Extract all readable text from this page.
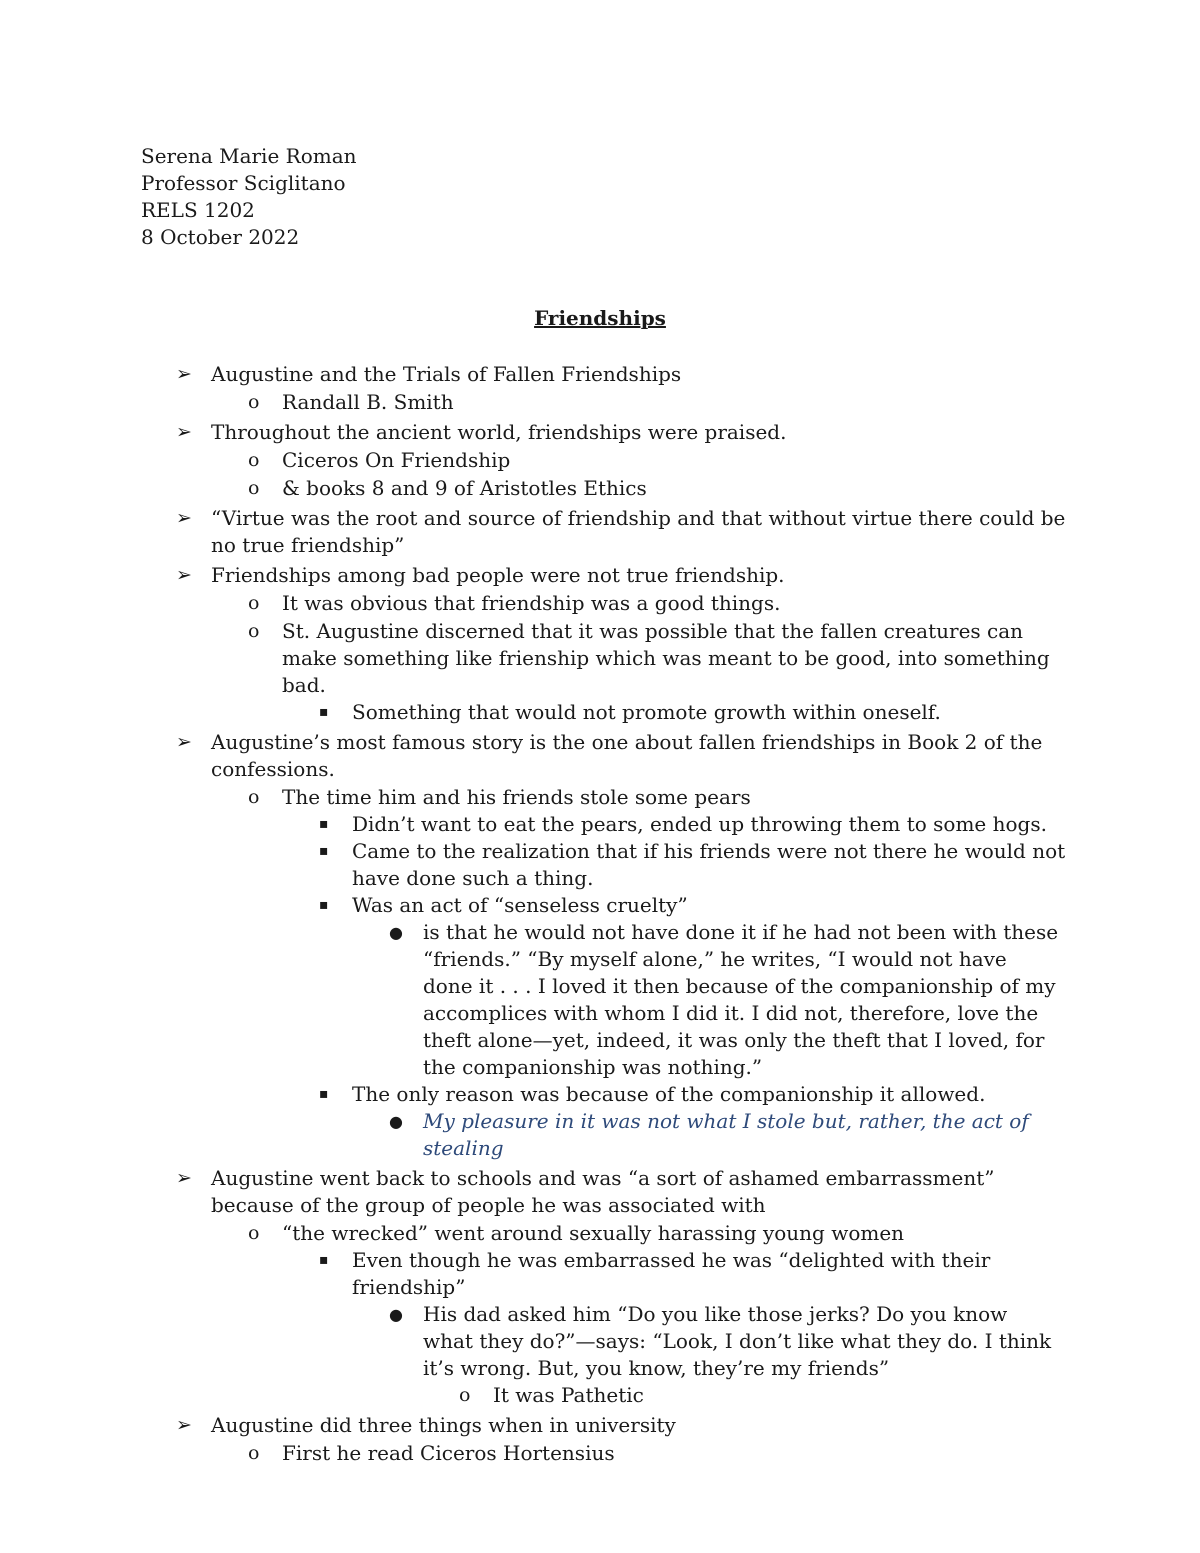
Serena Marie Roman
Professor Sciglitano
RELS 1202
8 October 2022
Friendships
➢ Augustine and the Trials of Fallen Friendships
o Randall B. Smith
➢ Throughout the ancient world, friendships were praised.
o Ciceros On Friendship
o & books 8 and 9 of Aristotles Ethics
➢ “Virtue was the root and source of friendship and that without virtue there could be no true friendship”
➢ Friendships among bad people were not true friendship.
o It was obvious that friendship was a good things.
o St. Augustine discerned that it was possible that the fallen creatures can make something like frienship which was meant to be good, into something bad.
▪ Something that would not promote growth within oneself.
➢ Augustine’s most famous story is the one about fallen friendships in Book 2 of the confessions.
o The time him and his friends stole some pears
▪ Didn’t want to eat the pears, ended up throwing them to some hogs.
▪ Came to the realization that if his friends were not there he would not have done such a thing.
▪ Was an act of “senseless cruelty”
● is that he would not have done it if he had not been with these “friends.” “By myself alone,” he writes, “I would not have done it . . . I loved it then because of the companionship of my accomplices with whom I did it. I did not, therefore, love the theft alone—yet, indeed, it was only the theft that I loved, for the companionship was nothing.”
▪ The only reason was because of the companionship it allowed.
● My pleasure in it was not what I stole but, rather, the act of stealing
➢ Augustine went back to schools and was “a sort of ashamed embarrassment” because of the group of people he was associated with
o “the wrecked” went around sexually harassing young women
▪ Even though he was embarrassed he was “delighted with their friendship”
● His dad asked him “Do you like those jerks? Do you know what they do?”—says: “Look, I don’t like what they do. I think it’s wrong. But, you know, they’re my friends”
o It was Pathetic
➢ Augustine did three things when in university
o First he read Ciceros Hortensius
